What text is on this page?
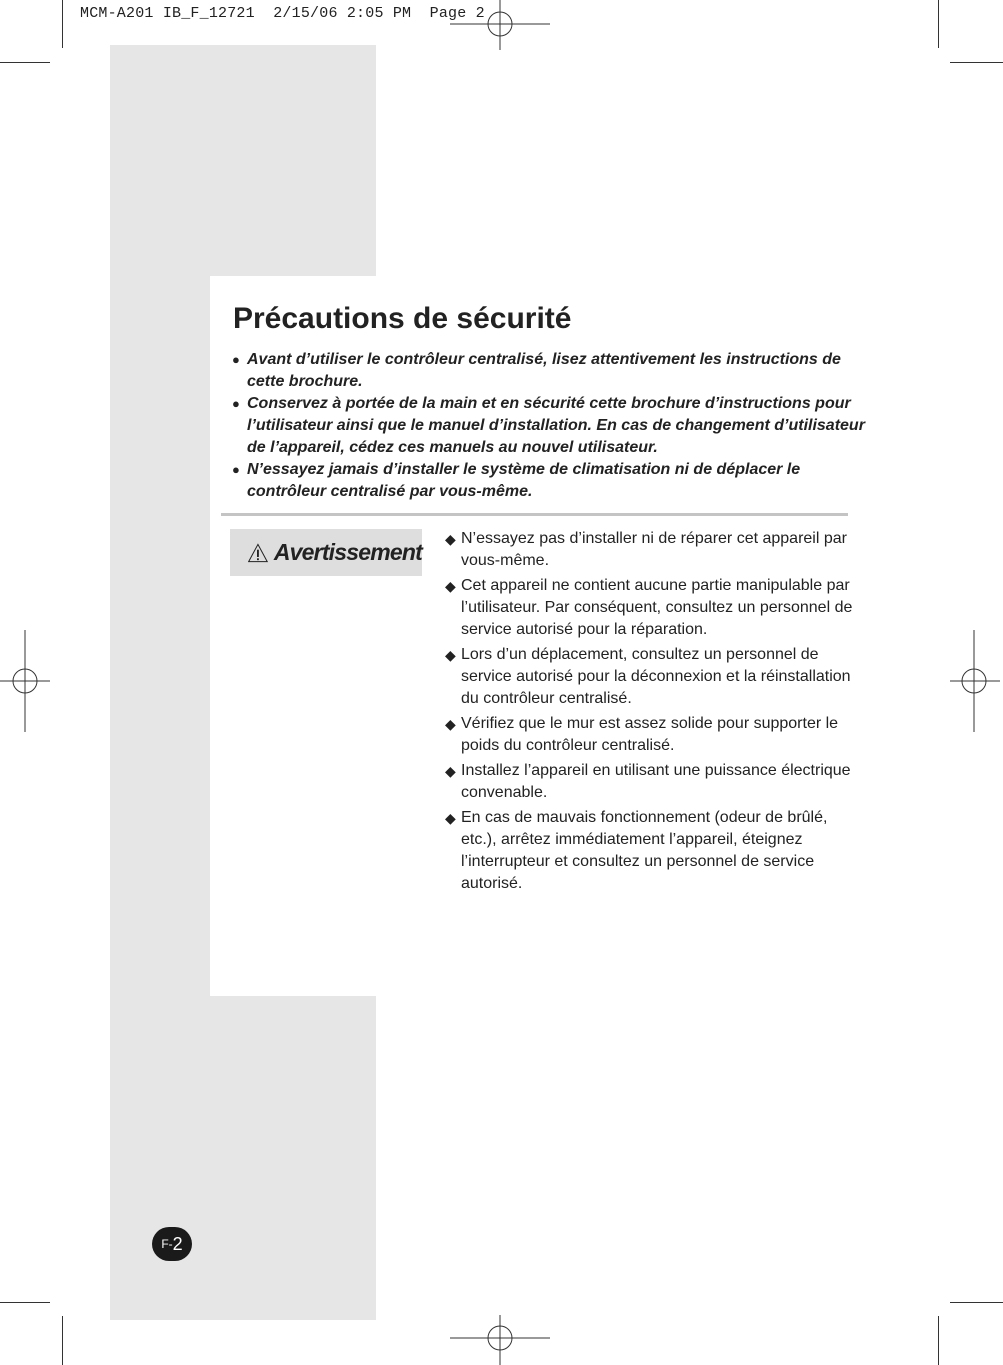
MCM-A201 IB_F_12721  2/15/06 2:05 PM  Page 2
Précautions de sécurité
● Avant d’utiliser le contrôleur centralisé, lisez attentivement les instructions de cette brochure.
● Conservez à portée de la main et en sécurité cette brochure d’instructions pour l’utilisateur ainsi que le manuel d’installation. En cas de changement d’utilisateur de l’appareil, cédez ces manuels au nouvel utilisateur.
● N’essayez jamais d’installer le système de climatisation ni de déplacer le contrôleur centralisé par vous-même.
Avertissement
◆ N’essayez pas d’installer ni de réparer cet appareil par vous-même.
◆ Cet appareil ne contient aucune partie manipulable par l’utilisateur. Par conséquent, consultez un personnel de service autorisé pour la réparation.
◆ Lors d’un déplacement, consultez un personnel de service autorisé pour la déconnexion et la réinstallation du contrôleur centralisé.
◆ Vérifiez que le mur est assez solide pour supporter le poids du contrôleur centralisé.
◆ Installez l’appareil en utilisant une puissance électrique convenable.
◆ En cas de mauvais fonctionnement (odeur de brûlé, etc.), arrêtez immédiatement l’appareil, éteignez l’interrupteur et consultez un personnel de service autorisé.
F- 2
